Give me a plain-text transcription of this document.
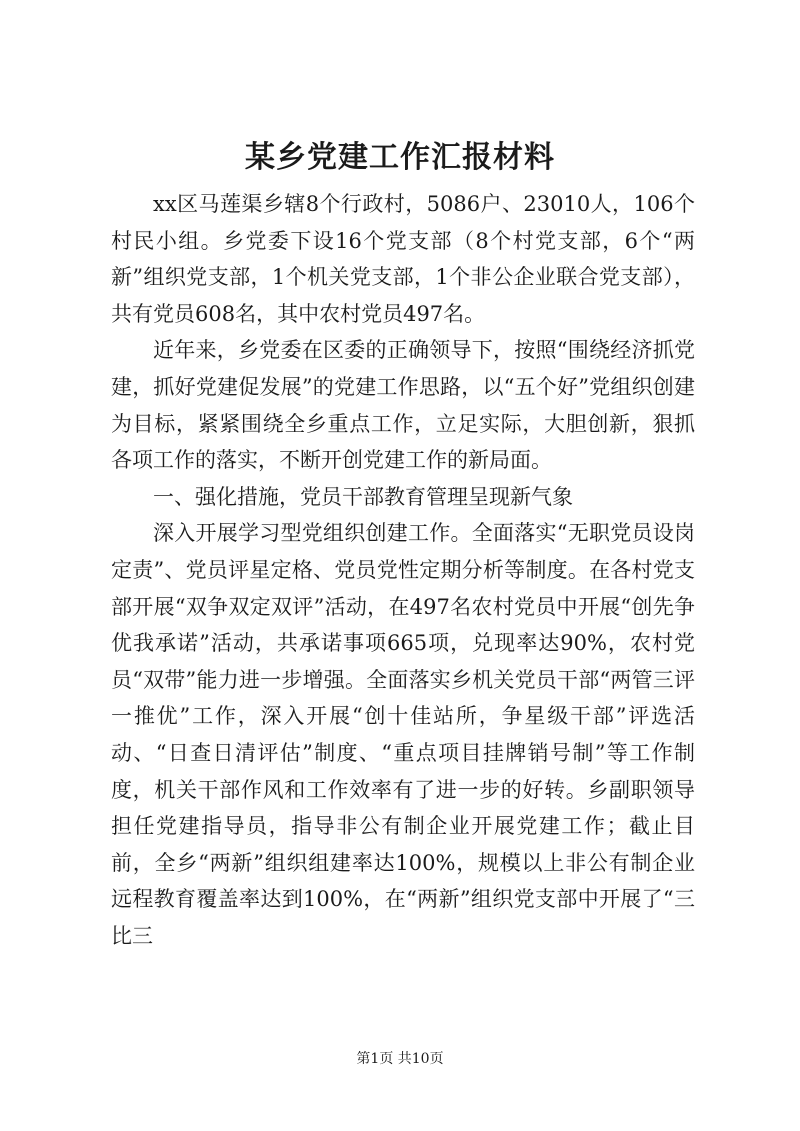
某乡党建工作汇报材料

xx区马莲渠乡辖8个行政村，5086户、23010人，106个村民小组。乡党委下设16个党支部（8个村党支部，6个“两新”组织党支部，1个机关党支部，1个非公企业联合党支部），共有党员608名，其中农村党员497名。

近年来，乡党委在区委的正确领导下，按照“围绕经济抓党建，抓好党建促发展”的党建工作思路，以“五个好”党组织创建为目标，紧紧围绕全乡重点工作，立足实际，大胆创新，狠抓各项工作的落实，不断开创党建工作的新局面。

一、强化措施，党员干部教育管理呈现新气象

深入开展学习型党组织创建工作。全面落实“无职党员设岗定责”、党员评星定格、党员党性定期分析等制度。在各村党支部开展“双争双定双评”活动，在497名农村党员中开展“创先争优我承诺”活动，共承诺事项665项，兑现率达90%，农村党员“双带”能力进一步增强。全面落实乡机关党员干部“两管三评一推优”工作，深入开展“创十佳站所，争星级干部”评选活动、“日查日清评估”制度、“重点项目挂牌销号制”等工作制度，机关干部作风和工作效率有了进一步的好转。乡副职领导担任党建指导员，指导非公有制企业开展党建工作；截止目前，全乡“两新”组织组建率达100%，规模以上非公有制企业远程教育覆盖率达到100%，在“两新”组织党支部中开展了“三比三

第1页 共10页
